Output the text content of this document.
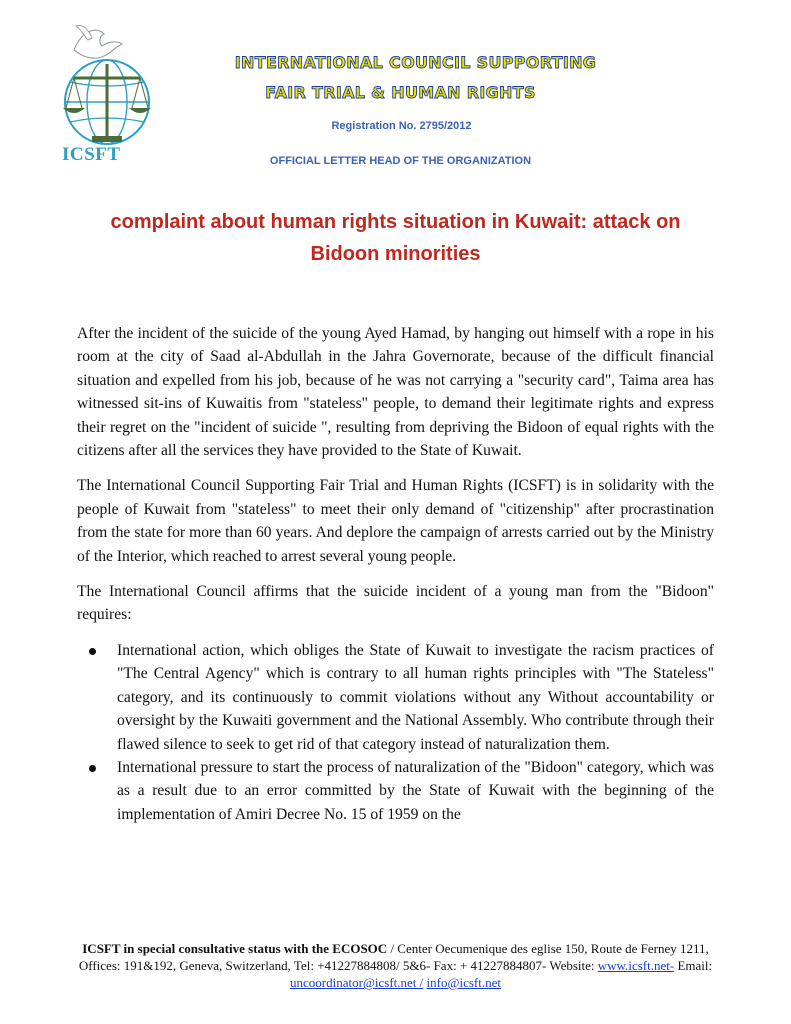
ICSFT
INTERNATIONAL COUNCIL SUPPORTING
FAIR TRIAL & HUMAN RIGHTS
Registration No. 2795/2012
OFFICIAL LETTER HEAD OF THE ORGANIZATION
complaint about human rights situation in Kuwait: attack on Bidoon minorities

After the incident of the suicide of the young Ayed Hamad, by hanging out himself with a rope in his room at the city of Saad al-Abdullah in the Jahra Governorate, because of the difficult financial situation and expelled from his job, because of he was not carrying a "security card", Taima area has witnessed sit-ins of Kuwaitis from "stateless" people, to demand their legitimate rights and express their regret on the "incident of suicide ", resulting from depriving the Bidoon of equal rights with the citizens after all the services they have provided to the State of Kuwait.

The International Council Supporting Fair Trial and Human Rights (ICSFT) is in solidarity with the people of Kuwait from "stateless" to meet their only demand of "citizenship" after procrastination from the state for more than 60 years. And deplore the campaign of arrests carried out by the Ministry of the Interior, which reached to arrest several young people.

The International Council affirms that the suicide incident of a young man from the "Bidoon" requires:

International action, which obliges the State of Kuwait to investigate the racism practices of "The Central Agency" which is contrary to all human rights principles with "The Stateless" category, and its continuously to commit violations without any Without accountability or oversight by the Kuwaiti government and the National Assembly. Who contribute through their flawed silence to seek to get rid of that category instead of naturalization them.
International pressure to start the process of naturalization of the "Bidoon" category, which was as a result due to an error committed by the State of Kuwait with the beginning of the implementation of Amiri Decree No. 15 of 1959 on the
ICSFT in special consultative status with the ECOSOC / Center Oecumenique des eglise 150, Route de Ferney 1211, Offices: 191&192, Geneva, Switzerland, Tel: +41227884808/ 5&6- Fax: + 41227884807- Website: www.icsft.net- Email: uncoordinator@icsft.net / info@icsft.net
